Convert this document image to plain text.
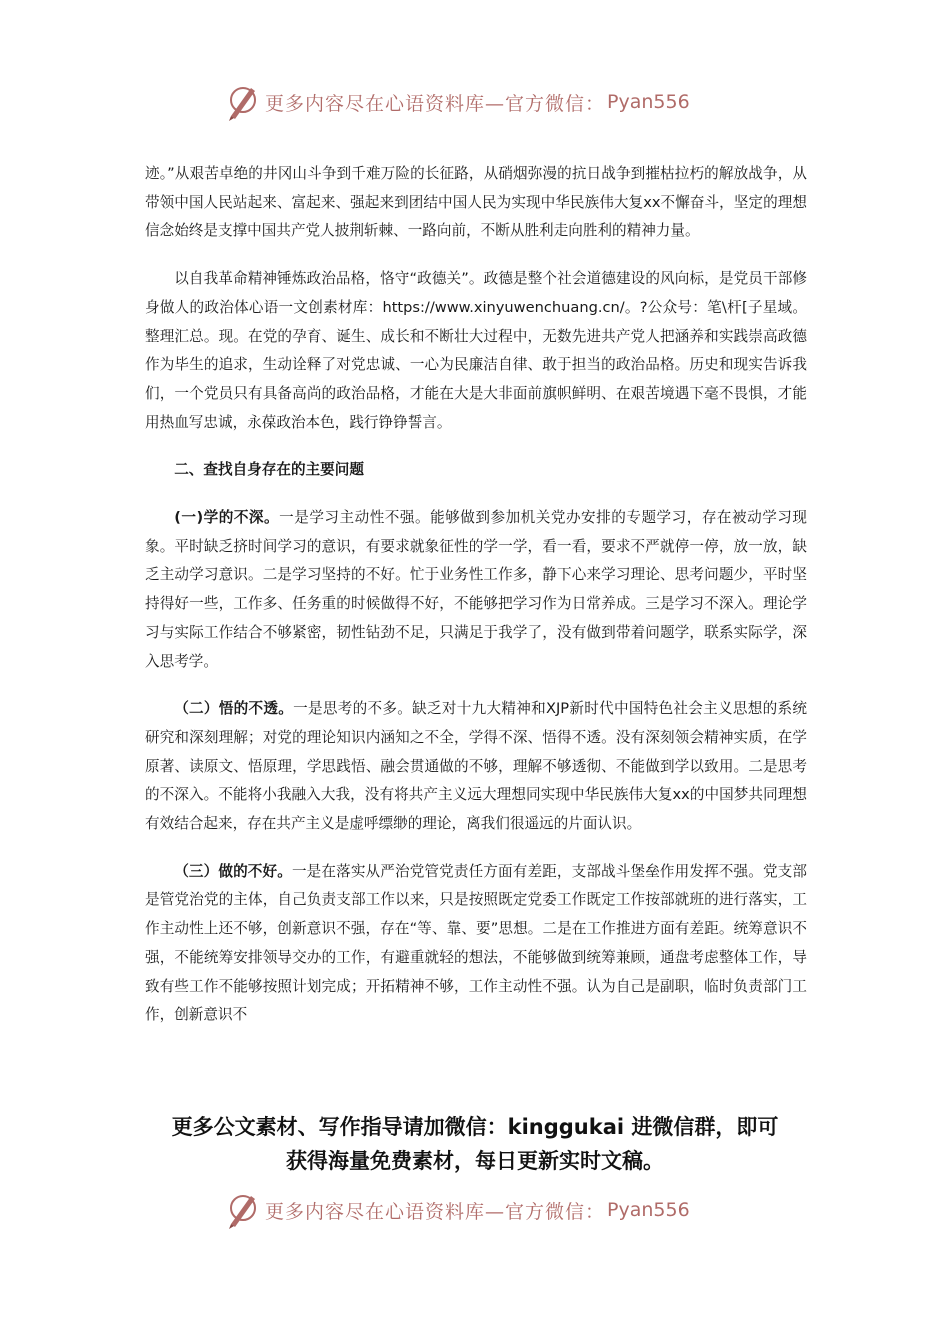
更多内容尽在心语资料库—官方微信： Pyan556

迹。”从艰苦卓绝的井冈山斗争到千难万险的长征路，从硝烟弥漫的抗日战争到摧枯拉朽的解放战争，从带领中国人民站起来、富起来、强起来到团结中国人民为实现中华民族伟大复xx不懈奋斗，坚定的理想信念始终是支撑中国共产党人披荆斩棘、一路向前，不断从胜利走向胜利的精神力量。

以自我革命精神锤炼政治品格，恪守“政德关”。政德是整个社会道德建设的风向标，是党员干部修身做人的政治体心语一文创素材库：https://www.xinyuwenchuang.cn/。?公众号：笔\杆[子星域。整理汇总。现。在党的孕育、诞生、成长和不断壮大过程中，无数先进共产党人把涵养和实践崇高政德作为毕生的追求，生动诠释了对党忠诚、一心为民廉洁自律、敢于担当的政治品格。历史和现实告诉我们，一个党员只有具备高尚的政治品格，才能在大是大非面前旗帜鲜明、在艰苦境遇下毫不畏惧，才能用热血写忠诚，永葆政治本色，践行铮铮誓言。

二、查找自身存在的主要问题

(一)学的不深。一是学习主动性不强。能够做到参加机关党办安排的专题学习，存在被动学习现象。平时缺乏挤时间学习的意识，有要求就象征性的学一学，看一看，要求不严就停一停，放一放，缺乏主动学习意识。二是学习坚持的不好。忙于业务性工作多，静下心来学习理论、思考问题少，平时坚持得好一些，工作多、任务重的时候做得不好，不能够把学习作为日常养成。三是学习不深入。理论学习与实际工作结合不够紧密，韧性钻劲不足，只满足于我学了，没有做到带着问题学，联系实际学，深入思考学。

（二）悟的不透。一是思考的不多。缺乏对十九大精神和XJP新时代中国特色社会主义思想的系统研究和深刻理解；对党的理论知识内涵知之不全，学得不深、悟得不透。没有深刻领会精神实质，在学原著、读原文、悟原理，学思践悟、融会贯通做的不够，理解不够透彻、不能做到学以致用。二是思考的不深入。不能将小我融入大我，没有将共产主义远大理想同实现中华民族伟大复xx的中国梦共同理想有效结合起来，存在共产主义是虚呼缥缈的理论，离我们很遥远的片面认识。

（三）做的不好。一是在落实从严治党管党责任方面有差距，支部战斗堡垒作用发挥不强。党支部是管党治党的主体，自己负责支部工作以来，只是按照既定党委工作既定工作按部就班的进行落实，工作主动性上还不够，创新意识不强，存在“等、靠、要”思想。二是在工作推进方面有差距。统筹意识不强，不能统筹安排领导交办的工作，有避重就轻的想法，不能够做到统筹兼顾，通盘考虑整体工作，导致有些工作不能够按照计划完成；开拓精神不够，工作主动性不强。认为自己是副职，临时负责部门工作，创新意识不

更多公文素材、写作指导请加微信：kinggukai 进微信群，即可
获得海量免费素材，每日更新实时文稿。
更多内容尽在心语资料库—官方微信： Pyan556
